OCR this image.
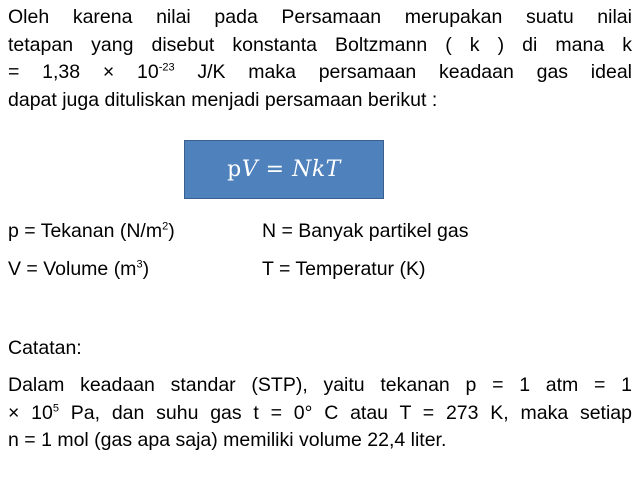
Oleh karena nilai pada Persamaan merupakan suatu nilai
tetapan yang disebut konstanta Boltzmann ( k ) di mana k
= $1,38 \times 10^{-23}$ J/K maka persamaan keadaan gas ideal
dapat juga dituliskan menjadi persamaan berikut :
pV = NkT
p = Tekanan $(N/m^2)$	N = Banyak partikel gas
V = Volume $(m^3)$	T = Temperatur (K)
Catatan:
Dalam keadaan standar (STP), yaitu tekanan p = 1 atm = 1
× $10^5$ Pa, dan suhu gas t = 0° C atau T = 273 K, maka setiap
n = 1 mol (gas apa saja) memiliki volume 22,4 liter.
